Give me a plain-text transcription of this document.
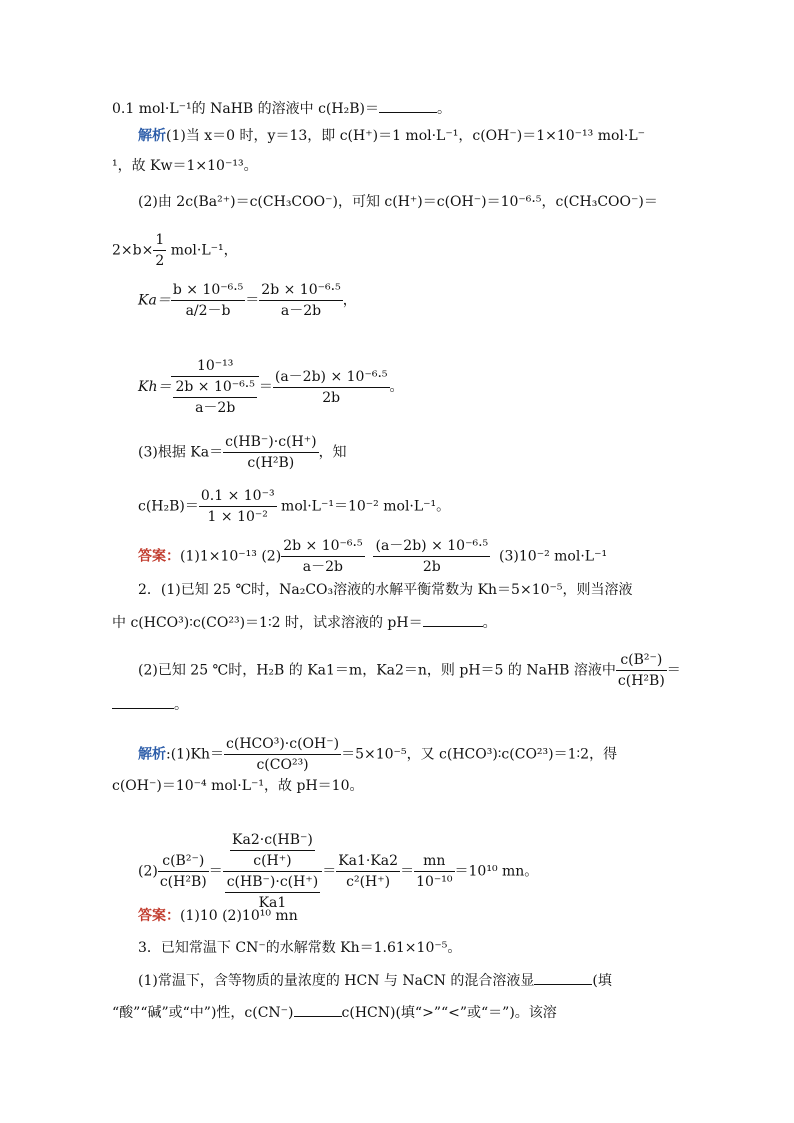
0.1 mol·L⁻¹的 NaHB 的溶液中 c(H₂B)＝	。
解析(1)当 x＝0 时，y＝13，即 c(H⁺)＝1 mol·L⁻¹，c(OH⁻)＝1×10⁻¹³ mol·L⁻
¹，故 Kw＝1×10⁻¹³。
(2)由 2c(Ba²⁺)＝c(CH₃COO⁻)，可知 c(H⁺)＝c(OH⁻)＝10⁻⁶·⁵，c(CH₃COO⁻)＝
$2\times b\times \frac{1}{2} mol\cdot L^{-1}$，
$Ka= \frac{\text{b × 10⁻⁶·⁵}}{a/2-b} = \frac{\text{2b × 10⁻⁶·⁵}}{a-2b}$ ，
$Kh= \frac{\text{10⁻¹³}}{\frac{\text{2b × 10⁻⁶·⁵}}{a-2b}} = \frac{\text{(a－2b) × 10⁻⁶·⁵}}{2b}$ 。
(3)根据 $Ka= \frac{c(HB^-)\cdot c(H^+)}{\text{c(H²B)}}$ ，知
$c(H_2B)= \frac{\text{0.1 × 10⁻³}}{\text{1 × 10⁻²}} mol\cdot L^{-1}=10^{-2}$ mol·L⁻¹。
答案：(1)1×10⁻¹³ $(2) \frac{\text{2b × 10⁻⁶·⁵}}{a-2b}$
$\frac{\text{(a－2b) × 10⁻⁶·⁵}}{2b} (3)10^{-2}$ mol·L⁻¹
2．(1)已知 25 ℃时，Na₂CO₃溶液的水解平衡常数为 Kh＝5×10⁻⁵，则当溶液
中 c(HCO³)∶c(CO²³)＝1∶2 时，试求溶液的 pH＝	。
(2)已知 25 ℃时，H₂B 的 Ka1＝m，Ka2＝n，则 pH＝5 的 NaHB 溶液中 $\frac{\text{c(B²⁻)}}{\text{c(H²B)}}$ ＝
。
解析:(1)Kh＝ $\frac{\text{c(HCO³)·c(OH⁻)}}{\text{c(CO²³)}} =5\times 10^{-5}$，又 c(HCO³)∶c(CO²³)＝1∶2，得
c(OH⁻)＝10⁻⁴ mol·L⁻¹，故 pH＝10。
$(2) \frac{\text{c(B²⁻)}}{\text{c(H²B)}} = \frac{\frac{Ka2\cdot c(HB^-)}{c(H^+)}}{\frac{c(HB^-)\cdot c(H^+)}{Ka1}} = \frac{Ka1\cdot Ka2}{\text{c²(H⁺)}} = \frac{mn}{\text{10⁻¹⁰}} =10^{10}$ mn。
答案：(1)10 (2)10¹⁰ mn
3．已知常温下 CN⁻的水解常数 Kh＝1.61×10⁻⁵。
(1)常温下，含等物质的量浓度的 HCN 与 NaCN 的混合溶液显	(填
“酸”“碱”或“中”)性，c(CN⁻)	c(HCN)(填“>”“<”或“＝”)。该溶
